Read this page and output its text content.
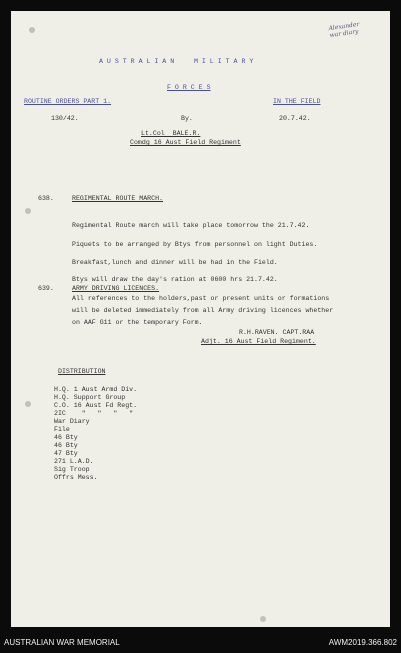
Alexander
war diary
A U S T R A L I A N     M I L I T A R Y
F O R C E S
ROUTINE ORDERS PART 1.	IN THE FIELD
130/42.	By.	20.7.42.
Lt.Col  BALE.R.
Comdg 16 Aust Field Regiment
638.	REGIMENTAL ROUTE MARCH.
Regimental Route march will take place tomorrow the 21.7.42.
Piquets to be arranged by Btys from personnel on light Duties.
Breakfast,lunch and dinner will be had in the Field.
Btys will draw the day's ration at 0600 hrs 21.7.42.
639.	ARMY DRIVING LICENCES.
All references to the holders,past or present units or formations
will be deleted immediately from all Army driving licences whether
on AAF G11 or the temporary Form.
R.H.RAVEN. CAPT.RAA
Adjt. 16 Aust Field Regiment.
DISTRIBUTION
H.Q. 1 Aust Armd Div.
H.Q. Support Group
C.O. 16 Aust Fd Regt.
2IC    "   "   "   "
War Diary
File
46 Bty
46 Bty
47 Bty
271 L.A.D.
Sig Troop
Offrs Mess.
AUSTRALIAN WAR MEMORIAL	AWM2019.366.802
